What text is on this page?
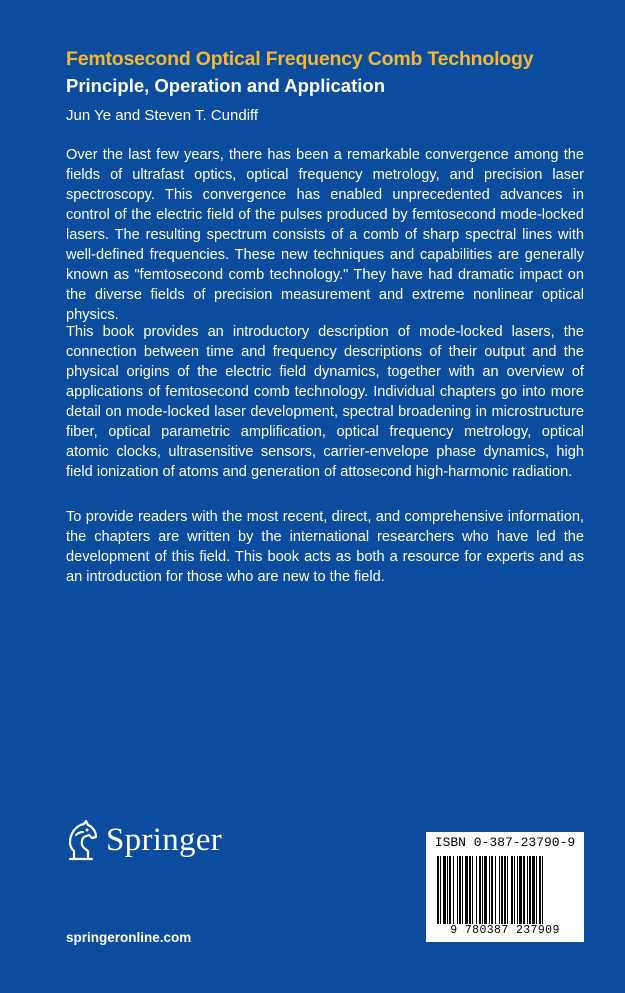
Femtosecond Optical Frequency Comb Technology
Principle, Operation and Application
Jun Ye and Steven T. Cundiff

Over the last few years, there has been a remarkable convergence among the fields of ultrafast optics, optical frequency metrology, and precision laser spectroscopy. This convergence has enabled unprecedented advances in control of the electric field of the pulses produced by femtosecond mode-locked lasers. The resulting spectrum consists of a comb of sharp spectral lines with well-defined frequencies. These new techniques and capabilities are generally known as "femtosecond comb technology." They have had dramatic impact on the diverse fields of precision measurement and extreme nonlinear optical physics.

This book provides an introductory description of mode-locked lasers, the connection between time and frequency descriptions of their output and the physical origins of the electric field dynamics, together with an overview of applications of femtosecond comb technology. Individual chapters go into more detail on mode-locked laser development, spectral broadening in microstructure fiber, optical parametric amplification, optical frequency metrology, optical atomic clocks, ultrasensitive sensors, carrier-envelope phase dynamics, high field ionization of atoms and generation of attosecond high-harmonic radiation.

To provide readers with the most recent, direct, and comprehensive information, the chapters are written by the international researchers who have led the development of this field. This book acts as both a resource for experts and as an introduction for those who are new to the field.

Springer
springeronline.com
ISBN 0-387-23790-9
9 780387 237909
